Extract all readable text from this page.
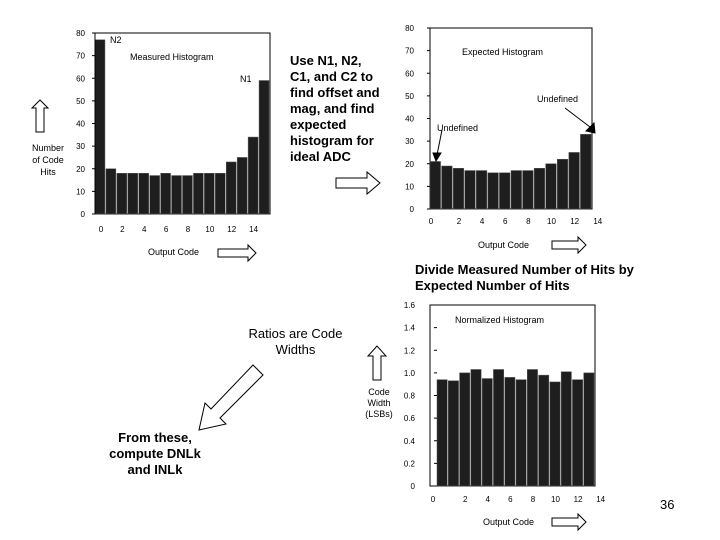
80
70
60
50
40
30
20
10
0
0 2 4 6 8 10 12 14
80
70
60
50
40
30
20
10
0
0	2 4 6 8 10 12 14
1.6
1.4
1.2
1.0
0.8
0.6
0.4
0.2
0
0	2 4 6 8 10 12 14
N2
Measured Histogram
N1
Number of Code Hits
Output Code
Expected Histogram
Undefined
Undefined
Output Code
Normalized Histogram
Code Width (LSBs)
Output Code
Use N1, N2, C1, and C2 to find offset and mag, and find expected histogram for ideal ADC
Divide Measured Number of Hits by Expected Number of Hits
Ratios are Code Widths
From these, compute DNLk and INLk
36
